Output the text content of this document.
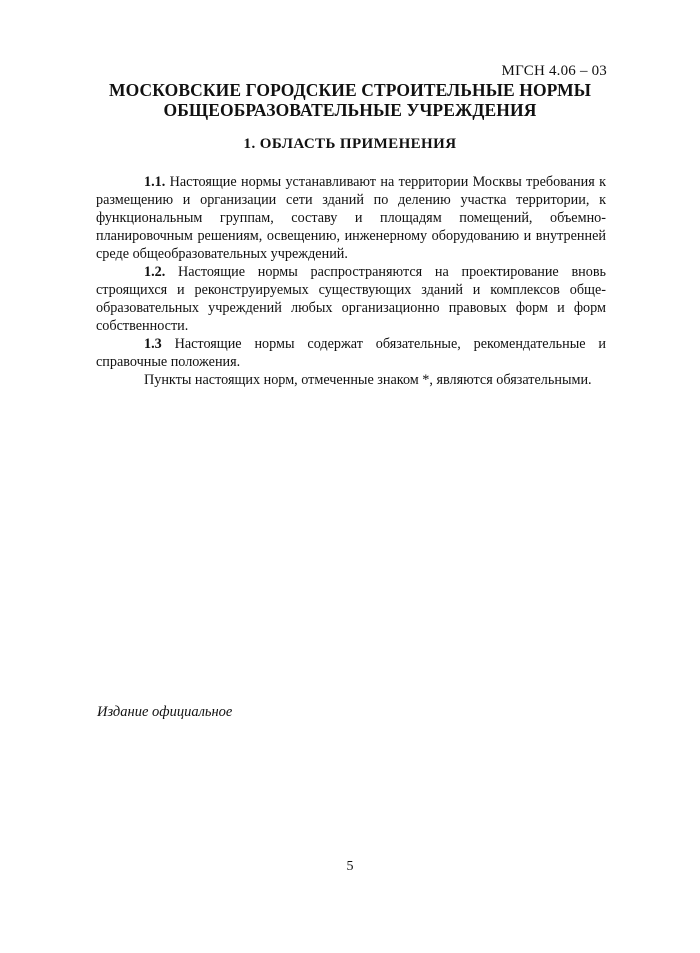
МГСН 4.06 – 03
МОСКОВСКИЕ ГОРОДСКИЕ СТРОИТЕЛЬНЫЕ НОРМЫ
ОБЩЕОБРАЗОВАТЕЛЬНЫЕ УЧРЕЖДЕНИЯ
1. ОБЛАСТЬ ПРИМЕНЕНИЯ

1.1. Настоящие нормы устанавливают на территории Москвы требования к размещению и организации сети зданий по делению участка территории, к функциональным группам, составу и площадям помещений, объемно-планировочным решениям, освещению, инженерному оборудованию и внутренней среде общеобразовательных учреждений.

1.2. Настоящие нормы распространяются на проектирование вновь строящихся и реконструируемых существующих зданий и комплексов общеобразовательных учреждений любых организационно правовых форм и форм собственности.

1.3 Настоящие нормы содержат обязательные, рекомендательные и справочные положения.

Пункты настоящих норм, отмеченные знаком *, являются обязательными.

Издание официальное
5
